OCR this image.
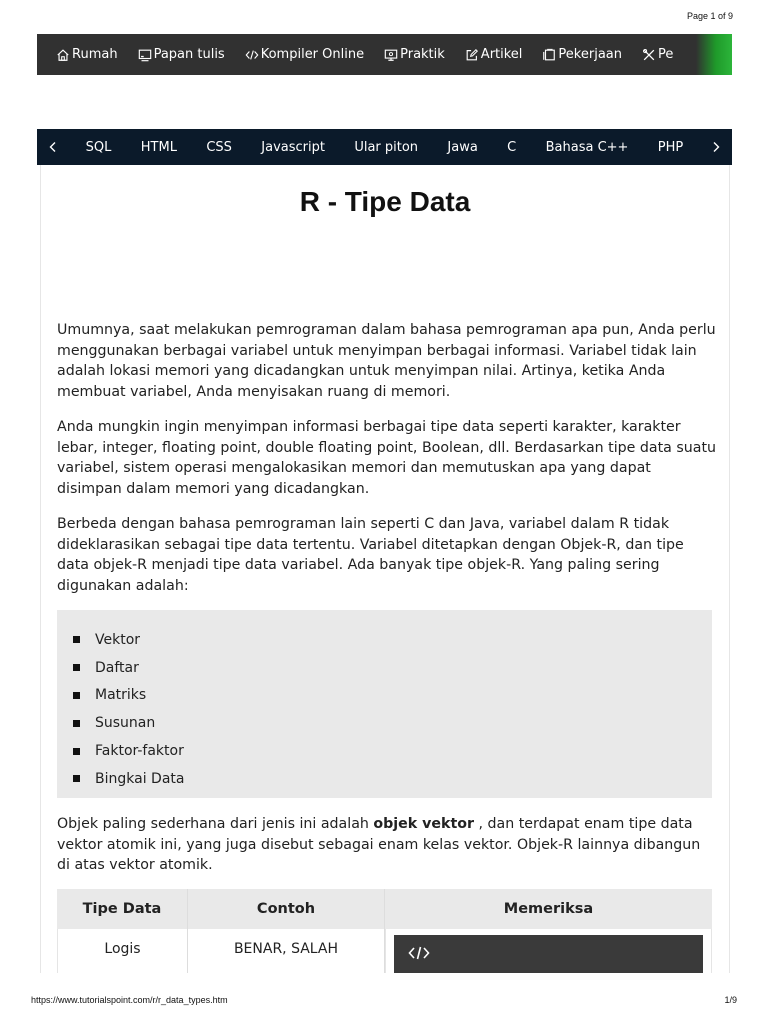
Page 1 of 9
Rumah	Papan tulis	Kompiler Online	Praktik	Artikel	Pekerjaan	Pe
SQL HTML CSS Javascript Ular piton Jawa C Bahasa C++ PHP
R - Tipe Data

Umumnya, saat melakukan pemrograman dalam bahasa pemrograman apa pun, Anda perlu menggunakan berbagai variabel untuk menyimpan berbagai informasi. Variabel tidak lain adalah lokasi memori yang dicadangkan untuk menyimpan nilai. Artinya, ketika Anda membuat variabel, Anda menyisakan ruang di memori.

Anda mungkin ingin menyimpan informasi berbagai tipe data seperti karakter, karakter lebar, integer, floating point, double floating point, Boolean, dll. Berdasarkan tipe data suatu variabel, sistem operasi mengalokasikan memori dan memutuskan apa yang dapat disimpan dalam memori yang dicadangkan.

Berbeda dengan bahasa pemrograman lain seperti C dan Java, variabel dalam R tidak dideklarasikan sebagai tipe data tertentu. Variabel ditetapkan dengan Objek-R, dan tipe data objek-R menjadi tipe data variabel. Ada banyak tipe objek-R. Yang paling sering digunakan adalah:

Vektor
Daftar
Matriks
Susunan
Faktor-faktor
Bingkai Data

Objek paling sederhana dari jenis ini adalah objek vektor , dan terdapat enam tipe data vektor atomik ini, yang juga disebut sebagai enam kelas vektor. Objek-R lainnya dibangun di atas vektor atomik.

Tipe Data	Contoh	Memeriksa
Logis	BENAR, SALAH
https://www.tutorialspoint.com/r/r_data_types.htm	1/9
